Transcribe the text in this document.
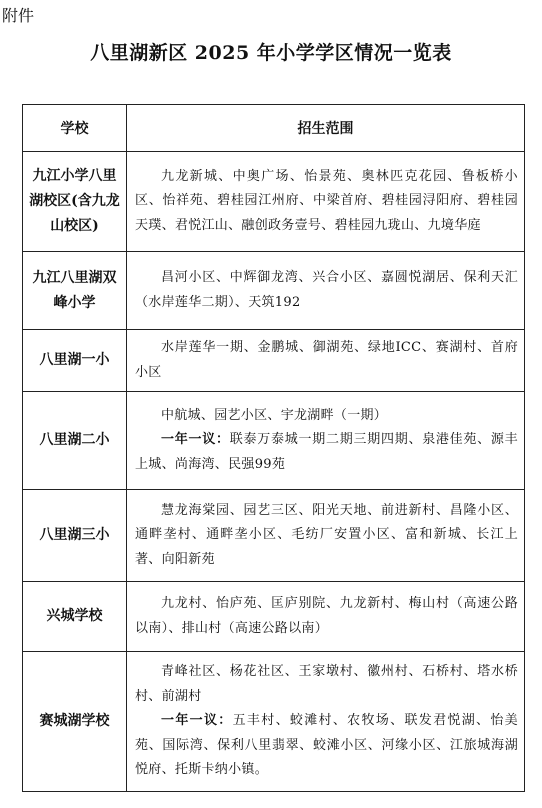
附件
八里湖新区 2025 年小学学区情况一览表
学校	招生范围
九江小学八里湖校区(含九龙山校区)	九龙新城、中奥广场、怡景苑、奥林匹克花园、鲁板桥小区、怡祥苑、碧桂园江州府、中梁首府、碧桂园浔阳府、碧桂园天璞、君悦江山、融创政务壹号、碧桂园九珑山、九境华庭

九江八里湖双峰小学	昌河小区、中辉御龙湾、兴合小区、嘉圆悦湖居、保利天汇（水岸莲华二期）、天筑192

八里湖一小	水岸莲华一期、金鹏城、御湖苑、绿地ICC、赛湖村、首府小区

八里湖二小	中航城、园艺小区、宇龙湖畔（一期）
一年一议：联泰万泰城一期二期三期四期、泉港佳苑、源丰上城、尚海湾、民强99苑

八里湖三小	慧龙海棠园、园艺三区、阳光天地、前进新村、昌隆小区、通畔垄村、通畔垄小区、毛纺厂安置小区、富和新城、长江上著、向阳新苑

兴城学校	九龙村、怡庐苑、匡庐别院、九龙新村、梅山村（高速公路以南）、排山村（高速公路以南）

赛城湖学校	青峰社区、杨花社区、王家墩村、徽州村、石桥村、塔水桥村、前湖村
一年一议：五丰村、蛟滩村、农牧场、联发君悦湖、怡美苑、国际湾、保利八里翡翠、蛟滩小区、河缘小区、江旅城海湖悦府、托斯卡纳小镇。
